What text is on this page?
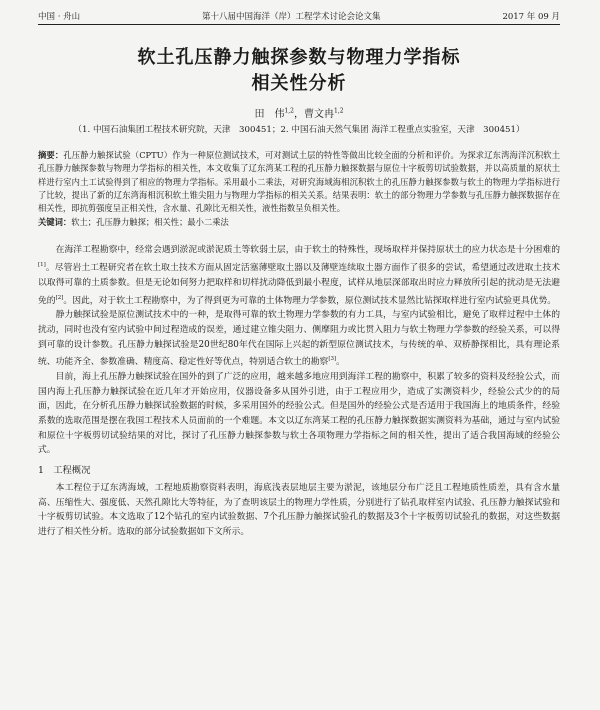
中国 · 舟山	第十八届中国海洋（岸）工程学术讨论会论文集	2017 年 09 月
软土孔压静力触探参数与物理力学指标
相关性分析
田　伟$^{1,2}$，曹文冉$^{1,2}$
（1. 中国石油集团工程技术研究院，天津　300451；2. 中国石油天然气集团 海洋工程重点实验室，天津　300451）
摘要：孔压静力触探试验（CPTU）作为一种原位测试技术，可对测试土层的特性等做出比较全面的分析和评价。为探求辽东湾海洋沉积软土孔压静力触探参数与物理力学指标的相关性，本文收集了辽东湾某工程的孔压静力触探数据与原位十字板剪切试验数据，并以高质量的原状土样进行室内土工试验得到了相应的物理力学指标。采用最小二乘法，对研究海域海相沉积软土的孔压静力触探参数与软土的物理力学指标进行了比较，提出了新的辽东湾海相沉积软土锥尖阻力与物理力学指标的相关关系。结果表明：软土的部分物理力学参数与孔压静力触探数据存在相关性，即抗剪强度呈正相关性，含水量、孔隙比无相关性，液性指数呈负相关性。
关键词：软土；孔压静力触探；相关性；最小二乘法

在海洋工程勘察中，经常会遇到淤泥或淤泥质土等软弱土层，由于软土的特殊性，现场取样并保持原状土的应力状态是十分困难的[1]。尽管岩土工程研究者在软土取土技术方面从固定活塞薄壁取土器以及薄壁连续取土器方面作了很多的尝试，希望通过改进取土技术以取得可靠的土质参数。但是无论如何努力把取样和切样扰动降低到最小程度，试样从地层深部取出时应力释放所引起的扰动是无法避免的[2]。因此，对于软土工程勘察中，为了得到更为可靠的土体物理力学参数，原位测试技术显然比钻探取样进行室内试验更具优势。

静力触探试验是原位测试技术中的一种，是取得可靠的软土物理力学参数的有力工具，与室内试验相比，避免了取样过程中土体的扰动，同时也没有室内试验中间过程造成的误差，通过建立锥尖阻力、侧摩阻力或比贯入阻力与软土物理力学参数的经验关系，可以得到可靠的设计参数。孔压静力触探试验是20世纪80年代在国际上兴起的新型原位测试技术，与传统的单、双桥静探相比，具有理论系统、功能齐全、参数准确、精度高、稳定性好等优点，特别适合软土的勘察[3]。

目前，海上孔压静力触探试验在国外的到了广泛的应用，越来越多地应用到海洋工程的勘察中，积累了较多的资料及经验公式，而国内海上孔压静力触探试验在近几年才开始应用，仪器设备多从国外引进，由于工程应用少，造成了实测资料少，经验公式少的的局面，因此，在分析孔压静力触探试验数据的时候，多采用国外的经验公式。但是国外的经验公式是否适用于我国海上的地质条件，经验系数的选取范围是摆在我国工程技术人员面前的一个难题。本文以辽东湾某工程的孔压静力触探数据实测资料为基础，通过与室内试验和原位十字板剪切试验结果的对比，探讨了孔压静力触探参数与软土各项物理力学指标之间的相关性，提出了适合我国海域的经验公式。

1　工程概况

本工程位于辽东湾海域，工程地质勘察资料表明，海底浅表层地层主要为淤泥，该地层分布广泛且工程地质性质差，具有含水量高、压缩性大、强度低、天然孔隙比大等特征，为了查明该层土的物理力学性质，分别进行了钻孔取样室内试验、孔压静力触探试验和十字板剪切试验。本文选取了12个钻孔的室内试验数据、7个孔压静力触探试验孔的数据及3个十字板剪切试验孔的数据，对这些数据进行了相关性分析。选取的部分试验数据如下文所示。
